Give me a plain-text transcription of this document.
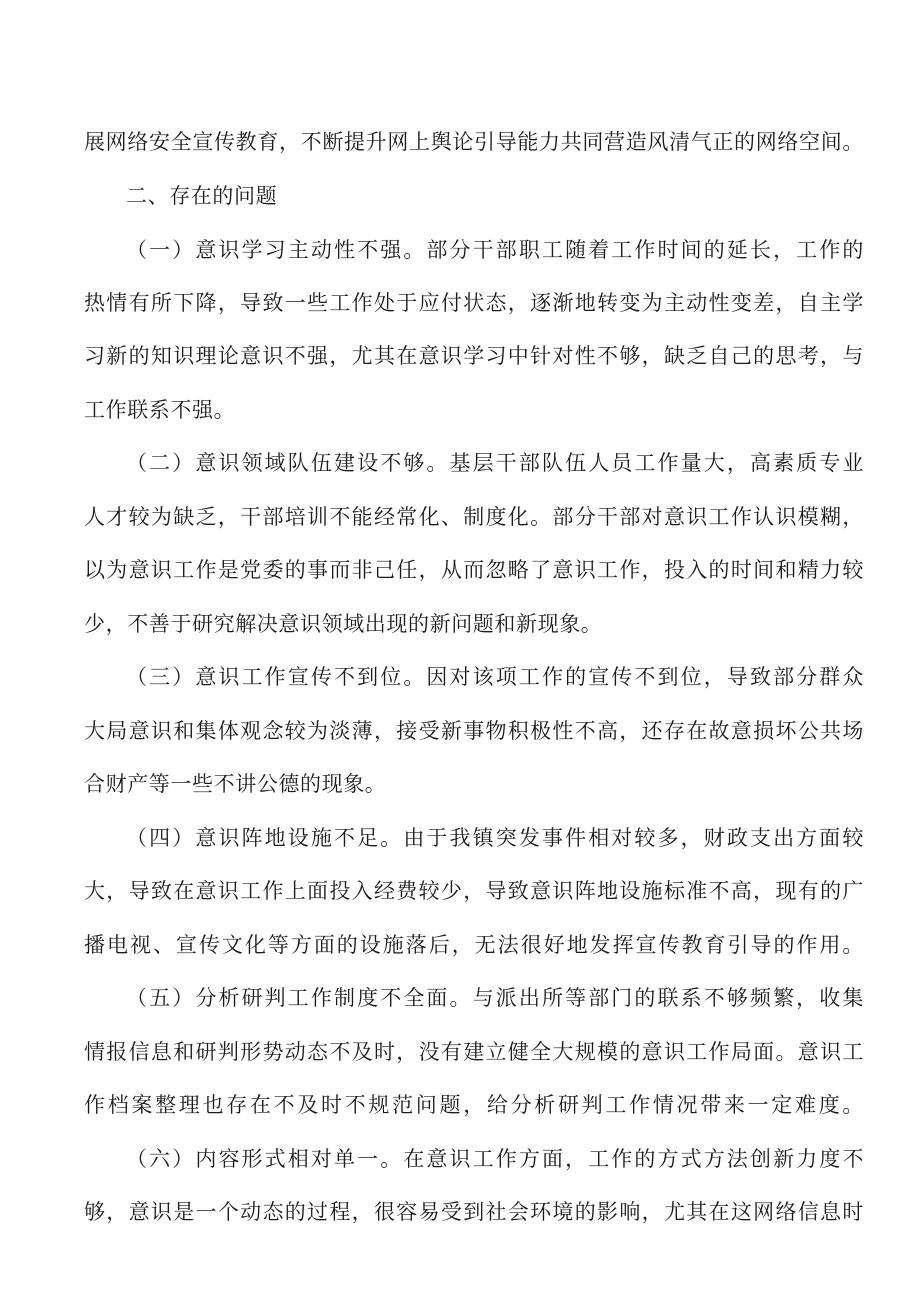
展网络安全宣传教育，不断提升网上舆论引导能力共同营造风清气正的网络空间。
二、存在的问题
（一）意识学习主动性不强。部分干部职工随着工作时间的延长，工作的
热情有所下降，导致一些工作处于应付状态，逐渐地转变为主动性变差，自主学
习新的知识理论意识不强，尤其在意识学习中针对性不够，缺乏自己的思考，与
工作联系不强。
（二）意识领域队伍建设不够。基层干部队伍人员工作量大，高素质专业
人才较为缺乏，干部培训不能经常化、制度化。部分干部对意识工作认识模糊，
以为意识工作是党委的事而非己任，从而忽略了意识工作，投入的时间和精力较
少，不善于研究解决意识领域出现的新问题和新现象。
（三）意识工作宣传不到位。因对该项工作的宣传不到位，导致部分群众
大局意识和集体观念较为淡薄，接受新事物积极性不高，还存在故意损坏公共场
合财产等一些不讲公德的现象。
（四）意识阵地设施不足。由于我镇突发事件相对较多，财政支出方面较
大，导致在意识工作上面投入经费较少，导致意识阵地设施标准不高，现有的广
播电视、宣传文化等方面的设施落后，无法很好地发挥宣传教育引导的作用。
（五）分析研判工作制度不全面。与派出所等部门的联系不够频繁，收集
情报信息和研判形势动态不及时，没有建立健全大规模的意识工作局面。意识工
作档案整理也存在不及时不规范问题，给分析研判工作情况带来一定难度。
（六）内容形式相对单一。在意识工作方面，工作的方式方法创新力度不
够，意识是一个动态的过程，很容易受到社会环境的影响，尤其在这网络信息时
